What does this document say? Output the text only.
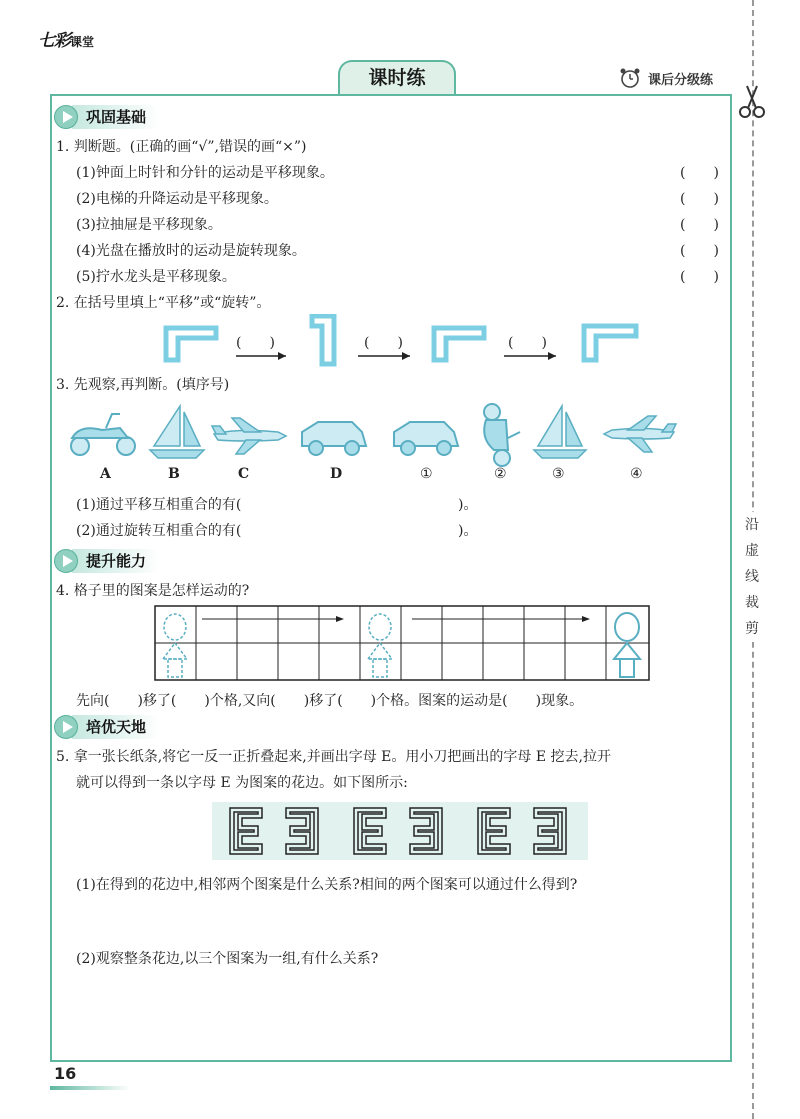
七彩课堂
课时练	课后分级练
沿
虚
线
裁
剪
巩固基础
1. 判断题。(正确的画“√”,错误的画“×”)
(1)钟面上时针和分针的运动是平移现象。	(　　)
(2)电梯的升降运动是平移现象。	(　　)
(3)拉抽屉是平移现象。	(　　)
(4)光盘在播放时的运动是旋转现象。	(　　)
(5)拧水龙头是平移现象。	(　　)
2. 在括号里填上“平移”或“旋转”。
(　　)	(　　)	(　　)
3. 先观察,再判断。(填序号)
A	B	C	D	①	②	③	④
(1)通过平移互相重合的有(	)。
(2)通过旋转互相重合的有(	)。
提升能力
4. 格子里的图案是怎样运动的?
先向(　　)移了(　　)个格,又向(　　)移了(　　)个格。图案的运动是(　　)现象。
培优天地
5. 拿一张长纸条,将它一反一正折叠起来,并画出字母 E。用小刀把画出的字母 E 挖去,拉开
就可以得到一条以字母 E 为图案的花边。如下图所示:
(1)在得到的花边中,相邻两个图案是什么关系?相间的两个图案可以通过什么得到?
(2)观察整条花边,以三个图案为一组,有什么关系?
16
